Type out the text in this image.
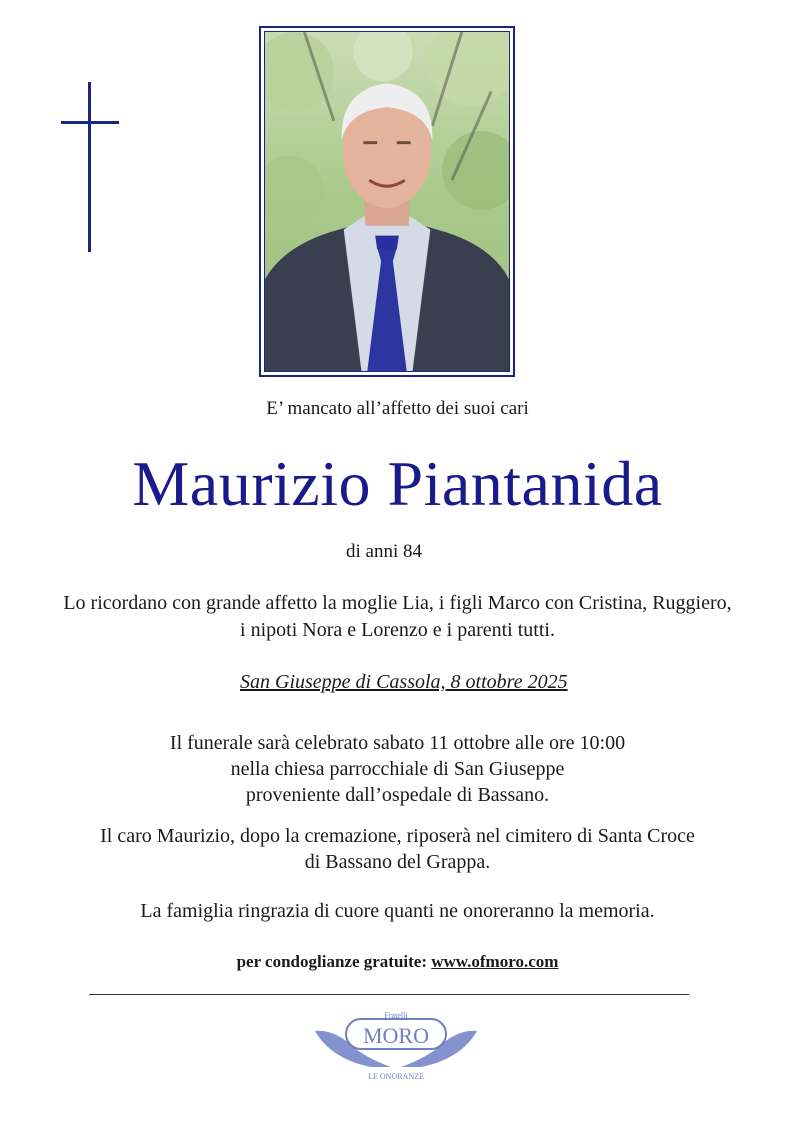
E’ mancato all’affetto dei suoi cari
Maurizio Piantanida
di anni 84
Lo ricordano con grande affetto la moglie Lia, i figli Marco con Cristina, Ruggiero,
i nipoti Nora e Lorenzo e i parenti tutti.
San Giuseppe di Cassola, 8 ottobre 2025
Il funerale sarà celebrato sabato 11 ottobre alle ore 10:00
nella chiesa parrocchiale di San Giuseppe
proveniente dall’ospedale di Bassano.
Il caro Maurizio, dopo la cremazione, riposerà nel cimitero di Santa Croce
di Bassano del Grappa.
La famiglia ringrazia di cuore quanti ne onoreranno la memoria.
per condoglianze gratuite: www.ofmoro.com
Fratelli
MORO
LE ONORANZE
